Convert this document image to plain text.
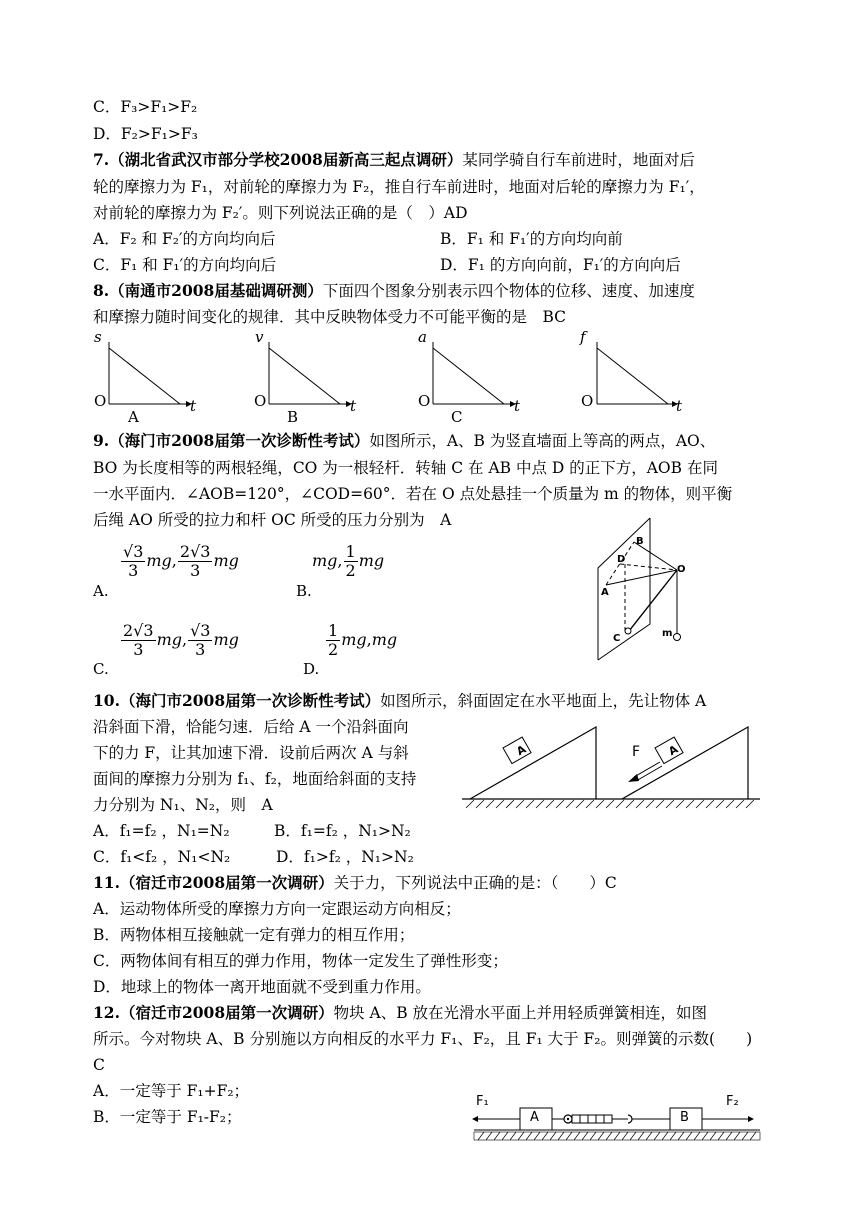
C．F₃>F₁>F₂
D．F₂>F₁>F₃
7.（湖北省武汉市部分学校2008届新高三起点调研）某同学骑自行车前进时，地面对后
轮的摩擦力为 F₁，对前轮的摩擦力为 F₂，推自行车前进时，地面对后轮的摩擦力为 F₁′，
对前轮的摩擦力为 F₂′。则下列说法正确的是（　）AD
A．F₂ 和 F₂′的方向均向后	B．F₁ 和 F₁′的方向均向前
C．F₁ 和 F₁′的方向均向后	D．F₁ 的方向向前，F₁′的方向向后
8.（南通市2008届基础调研测）下面四个图象分别表示四个物体的位移、速度、加速度
和摩擦力随时间变化的规律．其中反映物体受力不可能平衡的是　BC
s
O	t
A
v
O	t
B
a
O	t
C
f
O	t
9.（海门市2008届第一次诊断性考试）如图所示，A、B 为竖直墙面上等高的两点，AO、
BO 为长度相等的两根轻绳，CO 为一根轻杆．转轴 C 在 AB 中点 D 的正下方，AOB 在同
一水平面内．∠AOB=120°，∠COD=60°．若在 O 点处悬挂一个质量为 m 的物体，则平衡
后绳 AO 所受的拉力和杆 OC 所受的压力分别为　A
A.
$\frac{√3}{3}$ mg, $\frac{2√3}{3}$ mg
B.
mg, $\frac{1}{2}$ mg
C.
$\frac{2√3}{3}$ mg, $\frac{√3}{3}$ mg
D.
$\frac{1}{2} mg,mg$
B
D
O
A
C	m
10.（海门市2008届第一次诊断性考试）如图所示，斜面固定在水平地面上，先让物体 A
沿斜面下滑，恰能匀速．后给 A 一个沿斜面向
下的力 F，让其加速下滑．设前后两次 A 与斜
面间的摩擦力分别为 f₁、f₂，地面给斜面的支持
力分别为 N₁、N₂，则　A
A．f₁=f₂ ，N₁=N₂	B．f₁=f₂ ，N₁>N₂
C．f₁<f₂ ，N₁<N₂	D．f₁>f₂ ，N₁>N₂
A	A
F
11.（宿迁市2008届第一次调研）关于力，下列说法中正确的是：（　　）C
A．运动物体所受的摩擦力方向一定跟运动方向相反；
B．两物体相互接触就一定有弹力的相互作用；
C．两物体间有相互的弹力作用，物体一定发生了弹性形变；
D．地球上的物体一离开地面就不受到重力作用。
12.（宿迁市2008届第一次调研）物块 A、B 放在光滑水平面上并用轻质弹簧相连，如图
所示。今对物块 A、B 分别施以方向相反的水平力 F₁、F₂，且 F₁ 大于 F₂。则弹簧的示数(　　)
C
A．一定等于 F₁+F₂；
B．一定等于 F₁-F₂；
F₁
A	B
F₂
